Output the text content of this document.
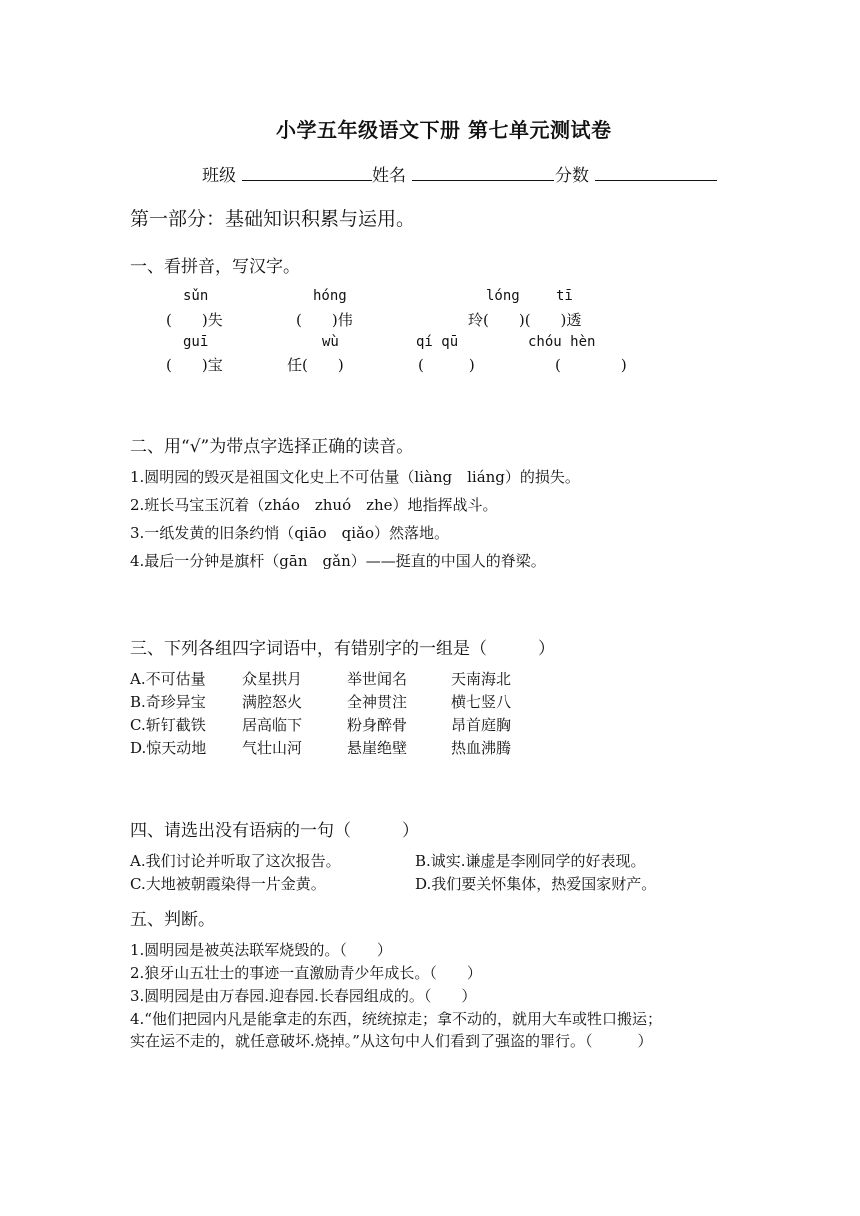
小学五年级语文下册 第七单元测试卷
班级	姓名	分数
第一部分：基础知识积累与运用。
一、看拼音，写汉字。
sǔn	hóng	lóng	tī
(　　)失	(　　)伟	玲(　　)(　　)透
guī	wù	qí qū	chóu hèn
(　　)宝	任(　　)	(　　　)	(　　　　)
二、用“√”为带点字选择正确的读音。
1.圆明园的毁灭是祖国文化史上不可估量（liàng　liáng）的损失。
2.班长马宝玉沉着（zháo　zhuó　zhe）地指挥战斗。
3.一纸发黄的旧条约悄（qiāo　qiǎo）然落地。
4.最后一分钟是旗杆（gān　gǎn）——挺直的中国人的脊梁。
三、下列各组四字词语中，有错别字的一组是（　　　）
A.不可估量 众星拱月	举世闻名	天南海北
B.奇珍异宝 满腔怒火	全神贯注	横七竖八
C.斩钉截铁 居高临下	粉身醉骨	昂首庭胸
D.惊天动地 气壮山河	悬崖绝壁	热血沸腾
四、请选出没有语病的一句（　　　）
A.我们讨论并听取了这次报告。	B.诚实.谦虚是李刚同学的好表现。
C.大地被朝霞染得一片金黄。	D.我们要关怀集体，热爱国家财产。
五、判断。
1.圆明园是被英法联军烧毁的。（　　）
2.狼牙山五壮士的事迹一直激励青少年成长。（　　）
3.圆明园是由万春园.迎春园.长春园组成的。（　　）
4.“他们把园内凡是能拿走的东西，统统掠走；拿不动的，就用大车或牲口搬运；
实在运不走的，就任意破坏.烧掉。”从这句中人们看到了强盗的罪行。（　　　）
